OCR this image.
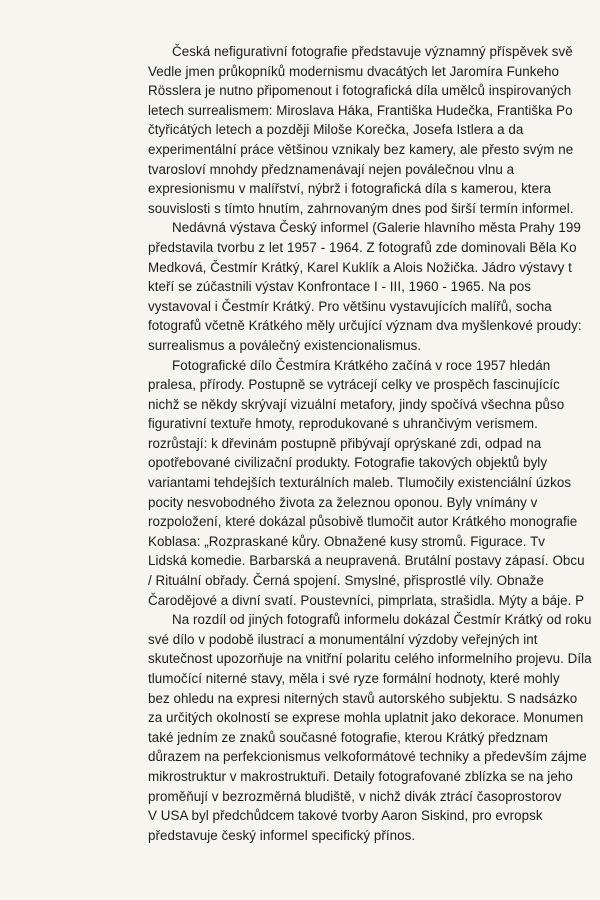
Česká nefigurativní fotografie představuje významný příspěvek svě
Vedle jmen průkopníků modernismu dvacátých let Jaromíra Funkeho
Rösslera je nutno připomenout i fotografická díla umělců inspirovaných
letech surrealismem: Miroslava Háka, Františka Hudečka, Františka Po
čtyřicátých letech a později Miloše Korečka, Josefa Istlera a da
experimentální práce většinou vznikaly bez kamery, ale přesto svým ne
tvarosloví mnohdy předznamenávají nejen poválečnou vlnu a
expresionismu v malířství, nýbrž i fotografická díla s kamerou, kterа
souvislosti s tímto hnutím, zahrnovaným dnes pod širší termín informel.
Nedávná výstava Český informel (Galerie hlavního města Prahy 199
představila tvorbu z let 1957 - 1964. Z fotografů zde dominovali Běla Ko
Medková, Čestmír Krátký, Karel Kuklík a Alois Nožička. Jádro výstavy t
kteří se zúčastnili výstav Konfrontace I - III, 1960 - 1965. Na pos
vystavoval i Čestmír Krátký. Pro většinu vystavujících malířů, socha
fotografů včetně Krátkého měly určující význam dva myšlenkové proudy:
surrealismus a poválečný existencionalismus.
Fotografické dílo Čestmíra Krátkého začíná v roce 1957 hledán
pralesa, přírody. Postupně se vytrácejí celky ve prospěch fascinujícíc
nichž se někdy skrývají vizuální metafory, jindy spočívá všechna půso
figurativní textuře hmoty, reprodukované s uhrančivým verismem.
rozrůstají: k dřevinám postupně přibývají oprýskané zdi, odpad na
opotřebované civilizační produkty. Fotografie takových objektů byly
variantami tehdejších texturálních maleb. Tlumočily existenciální úzkos
pocity nesvobodného života za železnou oponou. Byly vnímány v
rozpoložení, které dokázal působivě tlumočit autor Krátkého monografie
Koblasa: „Rozpraskané kůry. Obnažené kusy stromů. Figurace. Tv
Lidská komedie. Barbarská a neupravená. Brutální postavy zápasí. Obcu
/ Rituální obřady. Černá spojení. Smyslné, přisprostlé víly. Obnaže
Čarodějové a divní svatí. Poustevníci, pimprlata, strašidla. Mýty a báje. P
Na rozdíl od jiných fotografů informelu dokázal Čestmír Krátký od roku
své dílo v podobě ilustrací a monumentální výzdoby veřejných int
skutečnost upozorňuje na vnitřní polaritu celého informelního projevu. Díla
tlumočící niterné stavy, měla i své ryze formální hodnoty, které mohly
bez ohledu na expresi niterných stavů autorského subjektu. S nadsázko
za určitých okolností se exprese mohla uplatnit jako dekorace. Monumen
také jedním ze znaků současné fotografie, kterou Krátký předznam
důrazem na perfekcionismus velkoformátové techniky a především zájme
mikrostruktur v makrostruktuři. Detaily fotografované zblízka se na jeho
proměňují v bezrozměrná bludiště, v nichž divák ztrácí časoprostorov
V USA byl předchůdcem takové tvorby Aaron Siskind, pro evropsk
představuje český informel specifický přínos.
